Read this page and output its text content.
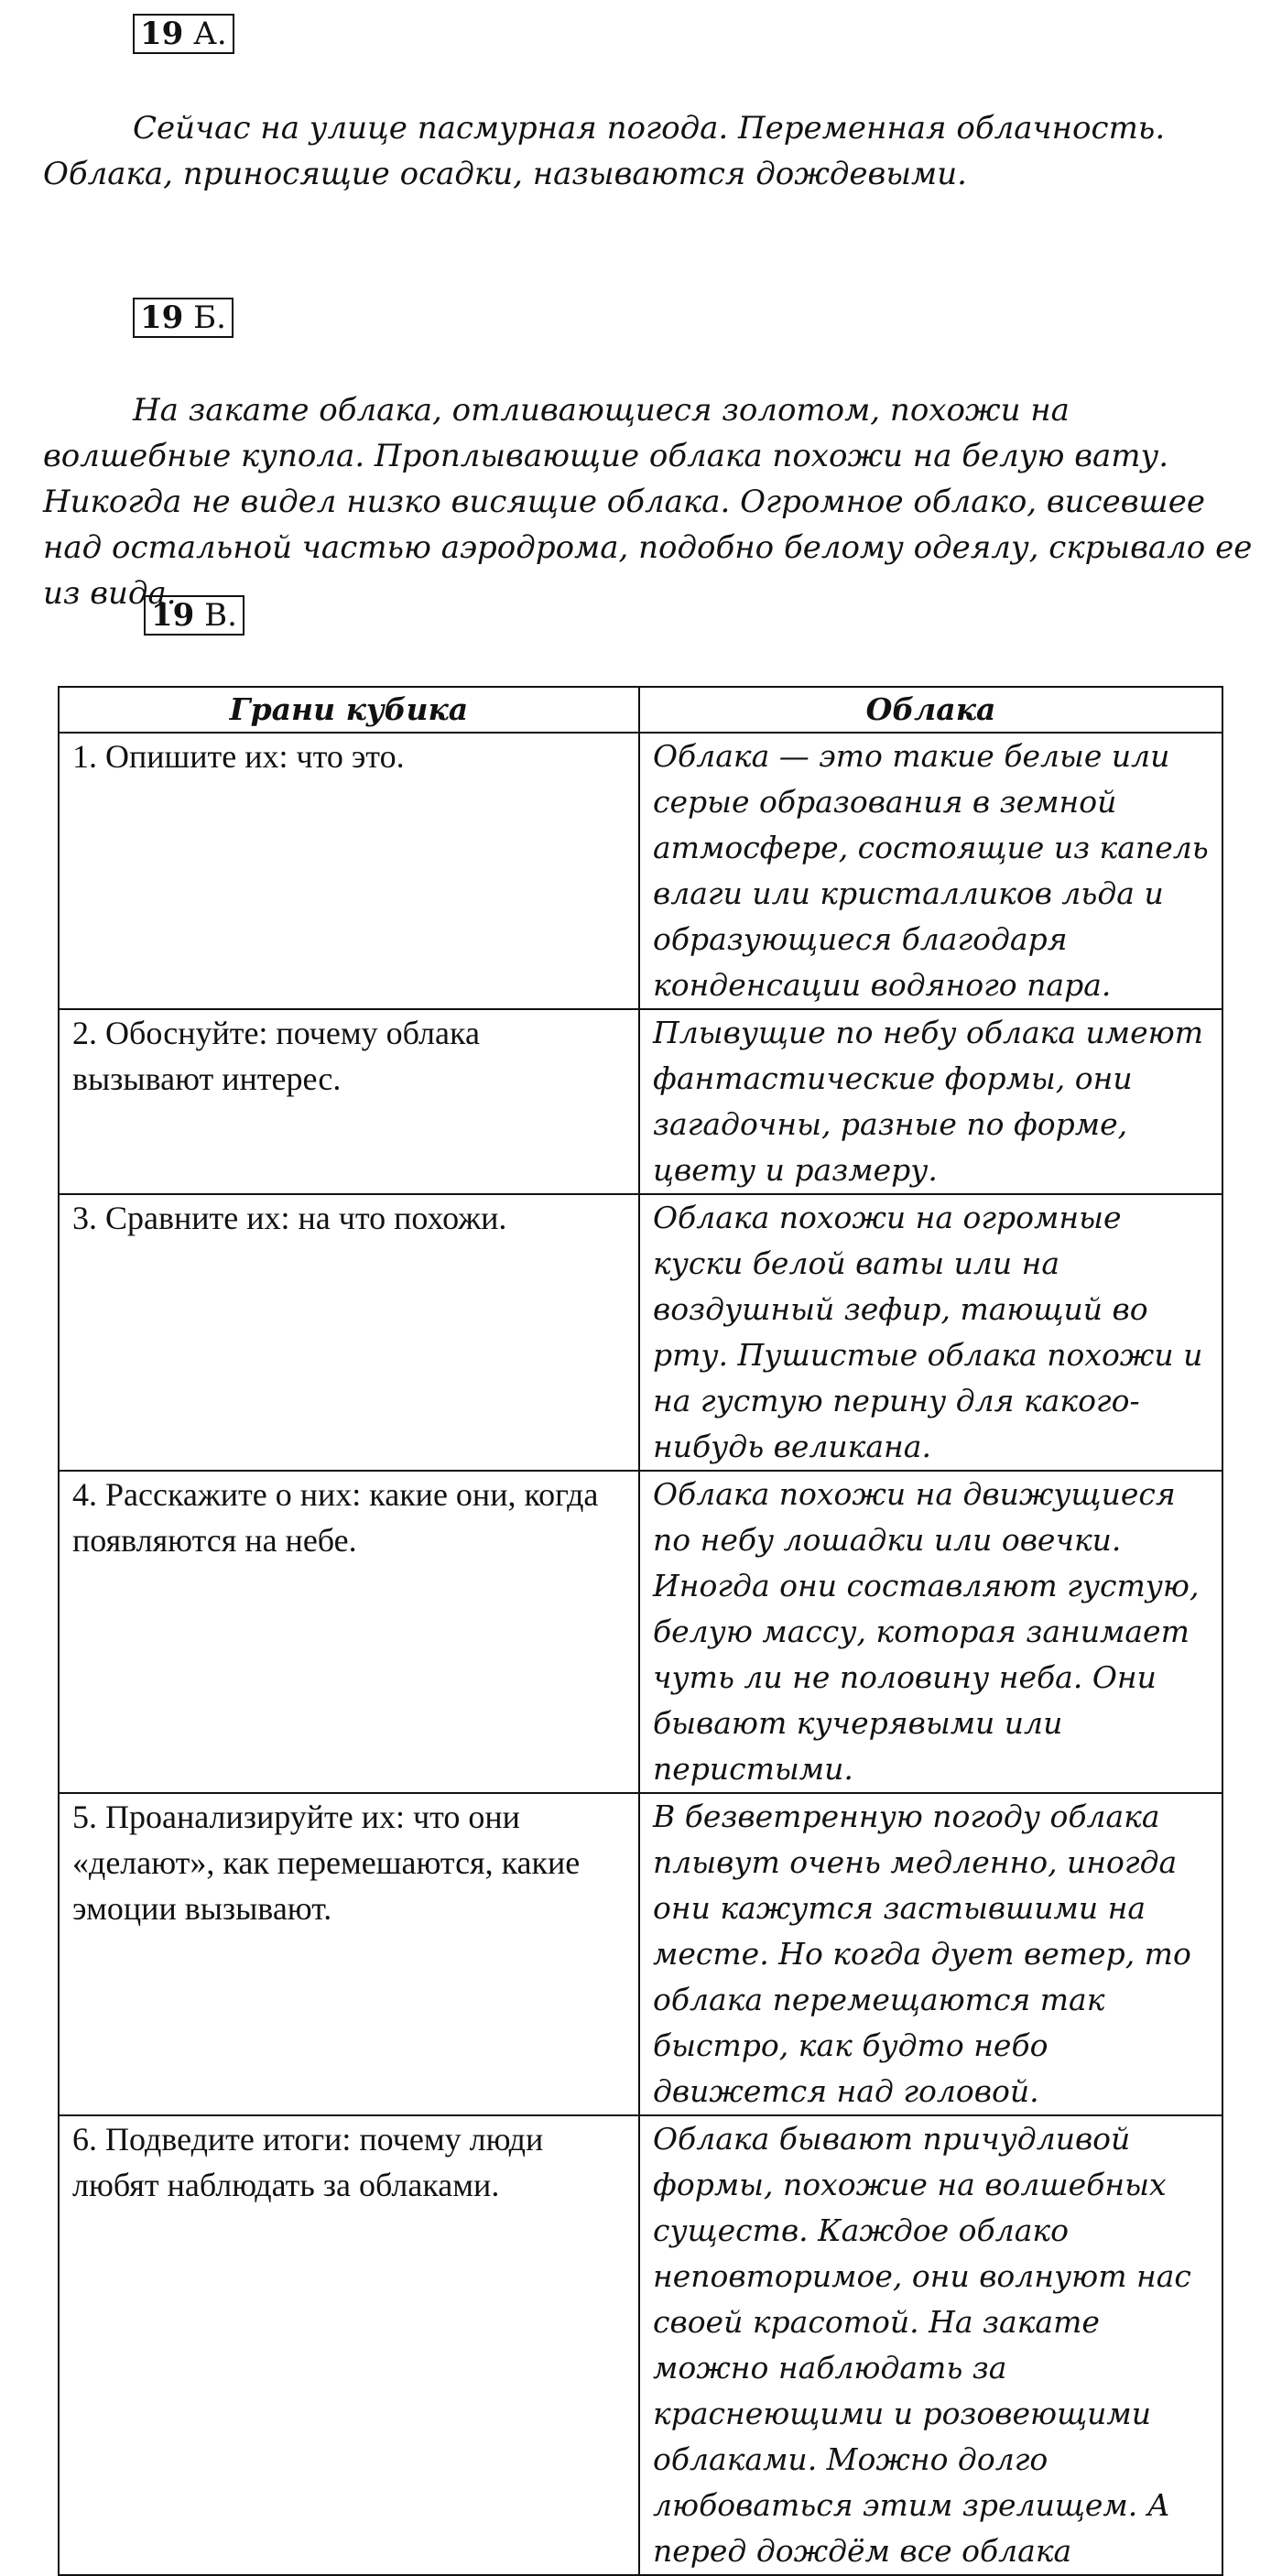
19 А.

Сейчас на улице пасмурная погода. Переменная облачность. Облака, приносящие осадки, называются дождевыми.

19 Б.

На закате облака, отливающиеся золотом, похожи на волшебные купола. Проплывающие облака похожи на белую вату. Никогда не видел низко висящие облака. Огромное облако, висевшее над остальной частью аэродрома, подобно белому одеялу, скрывало ее из вида.

19 В.
Грани кубика	Облака
1. Опишите их: что это.	Облака — это такие белые или серые образования в земной атмосфере, состоящие из капель влаги или кристалликов льда и образующиеся благодаря конденсации водяного пара.
2. Обоснуйте: почему облака вызывают интерес.	Плывущие по небу облака имеют фантастические формы, они загадочны, разные по форме, цвету и размеру.
3. Сравните их: на что похожи.	Облака похожи на огромные куски белой ваты или на воздушный зефир, тающий во рту. Пушистые облака похожи и на густую перину для какого-нибудь великана.
4. Расскажите о них: какие они, когда появляются на небе.	Облака похожи на движущиеся по небу лошадки или овечки. Иногда они составляют густую, белую массу, которая занимает чуть ли не половину неба. Они бывают кучерявыми или перистыми.
5. Проанализируйте их: что они «делают», как перемешаются, какие эмоции вызывают.	В безветренную погоду облака плывут очень медленно, иногда они кажутся застывшими на месте. Но когда дует ветер, то облака перемещаются так быстро, как будто небо движется над головой.
6. Подведите итоги: почему люди любят наблюдать за облаками.	Облака бывают причудливой формы, похожие на волшебных существ. Каждое облако неповторимое, они волнуют нас своей красотой. На закате можно наблюдать за краснеющими и розовеющими облаками. Можно долго любоваться этим зрелищем. А перед дождём все облака
